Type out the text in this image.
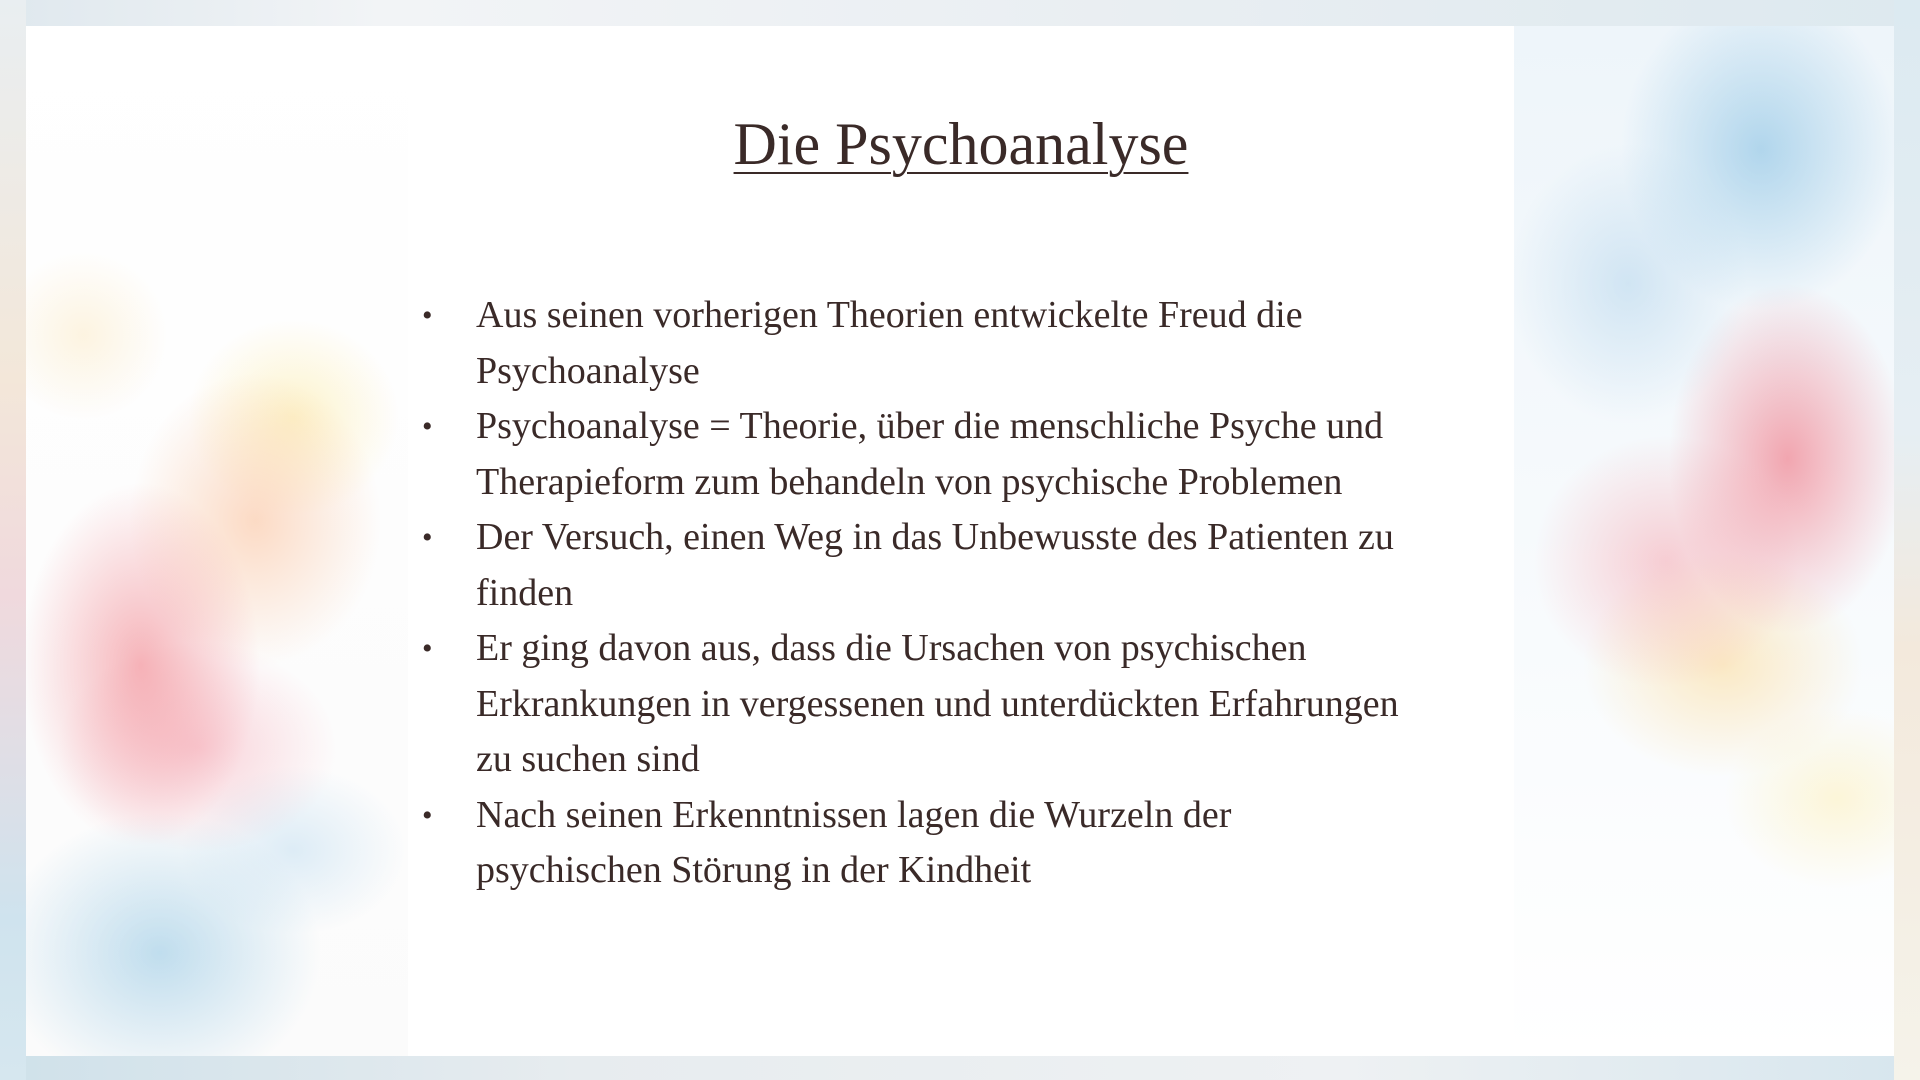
Die Psychoanalyse
• Aus seinen vorherigen Theorien entwickelte Freud die
Psychoanalyse
• Psychoanalyse = Theorie, über die menschliche Psyche und
Therapieform zum behandeln von psychische Problemen
• Der Versuch, einen Weg in das Unbewusste des Patienten zu
finden
• Er ging davon aus, dass die Ursachen von psychischen
Erkrankungen in vergessenen und unterdückten Erfahrungen
zu suchen sind
• Nach seinen Erkenntnissen lagen die Wurzeln der
psychischen Störung in der Kindheit
